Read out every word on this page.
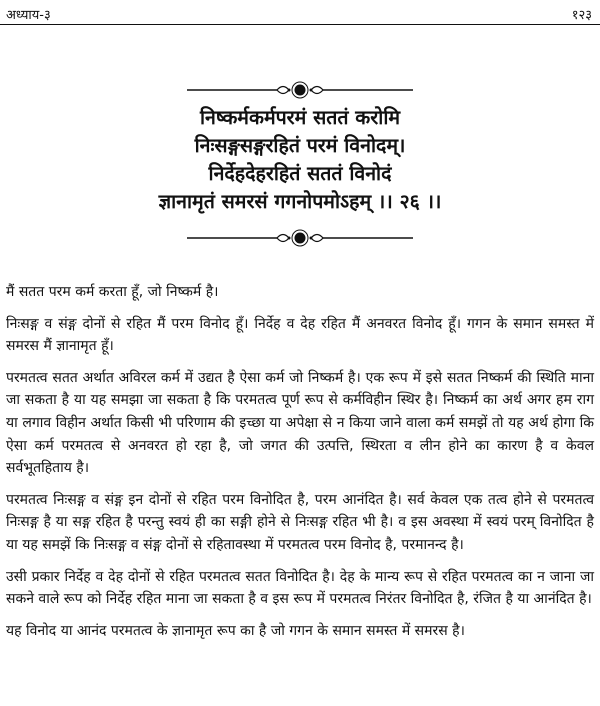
अध्याय-३	१२३
निष्कर्मकर्मपरमं सततं करोमि
निःसङ्गसङ्गरहितं परमं विनोदम्।
निर्देहदेहरहितं सततं विनोदं
ज्ञानामृतं समरसं गगनोपमोऽहम् ।। २६ ।।

मैं सतत परम कर्म करता हूँ, जो निष्कर्म है।

निःसङ्ग व संङ्ग दोनों से रहित मैं परम विनोद हूँ। निर्देह व देह रहित मैं अनवरत विनोद हूँ। गगन के समान समस्त में समरस मैं ज्ञानामृत हूँ।

परमतत्व सतत अर्थात अविरल कर्म में उद्यत है ऐसा कर्म जो निष्कर्म है। एक रूप में इसे सतत निष्कर्म की स्थिति माना जा सकता है या यह समझा जा सकता है कि परमतत्व पूर्ण रूप से कर्मविहीन स्थिर है। निष्कर्म का अर्थ अगर हम राग या लगाव विहीन अर्थात किसी भी परिणाम की इच्छा या अपेक्षा से न किया जाने वाला कर्म समझें तो यह अर्थ होगा कि ऐसा कर्म परमतत्व से अनवरत हो रहा है, जो जगत की उत्पत्ति, स्थिरता व लीन होने का कारण है व केवल सर्वभूतहिताय है।

परमतत्व निःसङ्ग व संङ्ग इन दोनों से रहित परम विनोदित है, परम आनंदित है। सर्व केवल एक तत्व होने से परमतत्व निःसङ्ग है या सङ्ग रहित है परन्तु स्वयं ही का सङ्गी होने से निःसङ्ग रहित भी है। व इस अवस्था में स्वयं परम् विनोदित है या यह समझें कि निःसङ्ग व संङ्ग दोनों से रहितावस्था में परमतत्व परम विनोद है, परमानन्द है।

उसी प्रकार निर्देह व देह दोनों से रहित परमतत्व सतत विनोदित है। देह के मान्य रूप से रहित परमतत्व का न जाना जा सकने वाले रूप को निर्देह रहित माना जा सकता है व इस रूप में परमतत्व निरंतर विनोदित है, रंजित है या आनंदित है।

यह विनोद या आनंद परमतत्व के ज्ञानामृत रूप का है जो गगन के समान समस्त में समरस है।
